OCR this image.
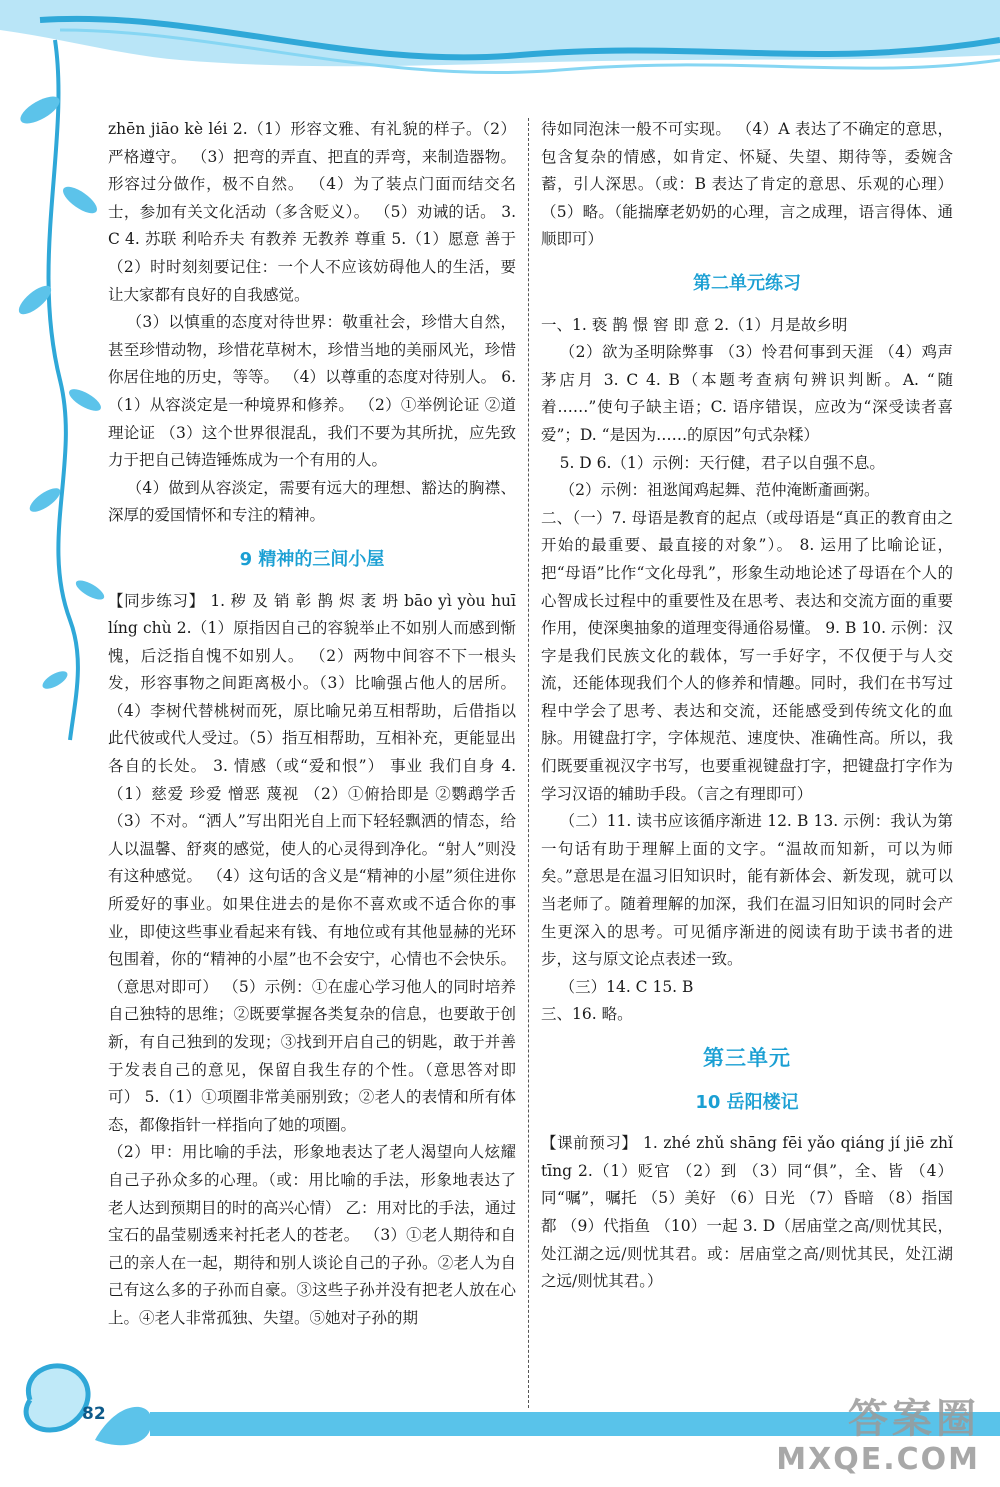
zhēn jiāo kè léi 2.（1）形容文雅、有礼貌的样子。（2）严格遵守。 （3）把弯的弄直、把直的弄弯，来制造器物。形容过分做作，极不自然。 （4）为了装点门面而结交名士，参加有关文化活动（多含贬义）。 （5）劝诫的话。 3. C 4. 苏联 利哈乔夫 有教养 无教养 尊重 5.（1）愿意 善于 （2）时时刻刻要记住：一个人不应该妨碍他人的生活，要让大家都有良好的自我感觉。

（3）以慎重的态度对待世界：敬重社会，珍惜大自然，甚至珍惜动物，珍惜花草树木，珍惜当地的美丽风光，珍惜你居住地的历史，等等。 （4）以尊重的态度对待别人。 6.（1）从容淡定是一种境界和修养。 （2）①举例论证 ②道理论证 （3）这个世界很混乱，我们不要为其所扰，应先致力于把自己铸造锤炼成为一个有用的人。

（4）做到从容淡定，需要有远大的理想、豁达的胸襟、深厚的爱国情怀和专注的精神。

9 精神的三间小屋

【同步练习】 1. 秽 及 销 彰 鹊 烬 袤 坍 bāo yì yòu huī líng chù 2.（1）原指因自己的容貌举止不如别人而感到惭愧，后泛指自愧不如别人。 （2）两物中间容不下一根头发，形容事物之间距离极小。（3）比喻强占他人的居所。 （4）李树代替桃树而死，原比喻兄弟互相帮助，后借指以此代彼或代人受过。（5）指互相帮助，互相补充，更能显出各自的长处。 3. 情感（或“爱和恨”） 事业 我们自身 4.（1）慈爱 珍爱 憎恶 蔑视 （2）①俯拾即是 ②鹦鹉学舌 （3）不对。“洒人”写出阳光自上而下轻轻飘洒的情态，给人以温馨、舒爽的感觉，使人的心灵得到净化。“射人”则没有这种感觉。 （4）这句话的含义是“精神的小屋”须住进你所爱好的事业。如果住进去的是你不喜欢或不适合你的事业，即使这些事业看起来有钱、有地位或有其他显赫的光环包围着，你的“精神的小屋”也不会安宁，心情也不会快乐。（意思对即可） （5）示例：①在虚心学习他人的同时培养自己独特的思维；②既要掌握各类复杂的信息，也要敢于创新，有自己独到的发现；③找到开启自己的钥匙，敢于并善于发表自己的意见，保留自我生存的个性。（意思答对即可） 5.（1）①项圈非常美丽别致；②老人的表情和所有体态，都像指针一样指向了她的项圈。

（2）甲：用比喻的手法，形象地表达了老人渴望向人炫耀自己子孙众多的心理。（或：用比喻的手法，形象地表达了老人达到预期目的时的高兴心情） 乙：用对比的手法，通过宝石的晶莹剔透来衬托老人的苍老。 （3）①老人期待和自己的亲人在一起，期待和别人谈论自己的子孙。②老人为自己有这么多的子孙而自豪。③这些子孙并没有把老人放在心上。④老人非常孤独、失望。⑤她对子孙的期

待如同泡沫一般不可实现。 （4）A 表达了不确定的意思，包含复杂的情感，如肯定、怀疑、失望、期待等，委婉含蓄，引人深思。（或：B 表达了肯定的意思、乐观的心理） （5）略。（能揣摩老奶奶的心理，言之成理，语言得体、通顺即可）

第二单元练习

一、1. 亵 鹊 憬 窖 即 意 2.（1）月是故乡明

（2）欲为圣明除弊事 （3）怜君何事到天涯 （4）鸡声茅店月 3. C 4. B（本题考查病句辨识判断。A. “随着……”使句子缺主语；C. 语序错误，应改为“深受读者喜爱”；D. “是因为……的原因”句式杂糅）

5. D 6.（1）示例：天行健，君子以自强不息。

（2）示例：祖逖闻鸡起舞、范仲淹断齑画粥。

二、（一）7. 母语是教育的起点（或母语是“真正的教育由之开始的最重要、最直接的对象”）。 8. 运用了比喻论证，把“母语”比作“文化母乳”，形象生动地论述了母语在个人的心智成长过程中的重要性及在思考、表达和交流方面的重要作用，使深奥抽象的道理变得通俗易懂。 9. B 10. 示例：汉字是我们民族文化的载体，写一手好字，不仅便于与人交流，还能体现我们个人的修养和情趣。同时，我们在书写过程中学会了思考、表达和交流，还能感受到传统文化的血脉。用键盘打字，字体规范、速度快、准确性高。所以，我们既要重视汉字书写，也要重视键盘打字，把键盘打字作为学习汉语的辅助手段。（言之有理即可）

（二）11. 读书应该循序渐进 12. B 13. 示例：我认为第一句话有助于理解上面的文字。“温故而知新，可以为师矣。”意思是在温习旧知识时，能有新体会、新发现，就可以当老师了。随着理解的加深，我们在温习旧知识的同时会产生更深入的思考。可见循序渐进的阅读有助于读书者的进步，这与原文论点表述一致。

（三）14. C 15. B

三、16. 略。

第三单元
10 岳阳楼记

【课前预习】 1. zhé zhǔ shāng fēi yǎo qiáng jí jiē zhǐ tīng 2.（1）贬官 （2）到 （3）同“俱”，全、皆 （4）同“嘱”，嘱托 （5）美好 （6）日光 （7）昏暗 （8）指国都 （9）代指鱼 （10）一起 3. D（居庙堂之高/则忧其民，处江湖之远/则忧其君。或：居庙堂之高/则忧其民，处江湖之远/则忧其君。）

82	答案圈
MXQE.COM
